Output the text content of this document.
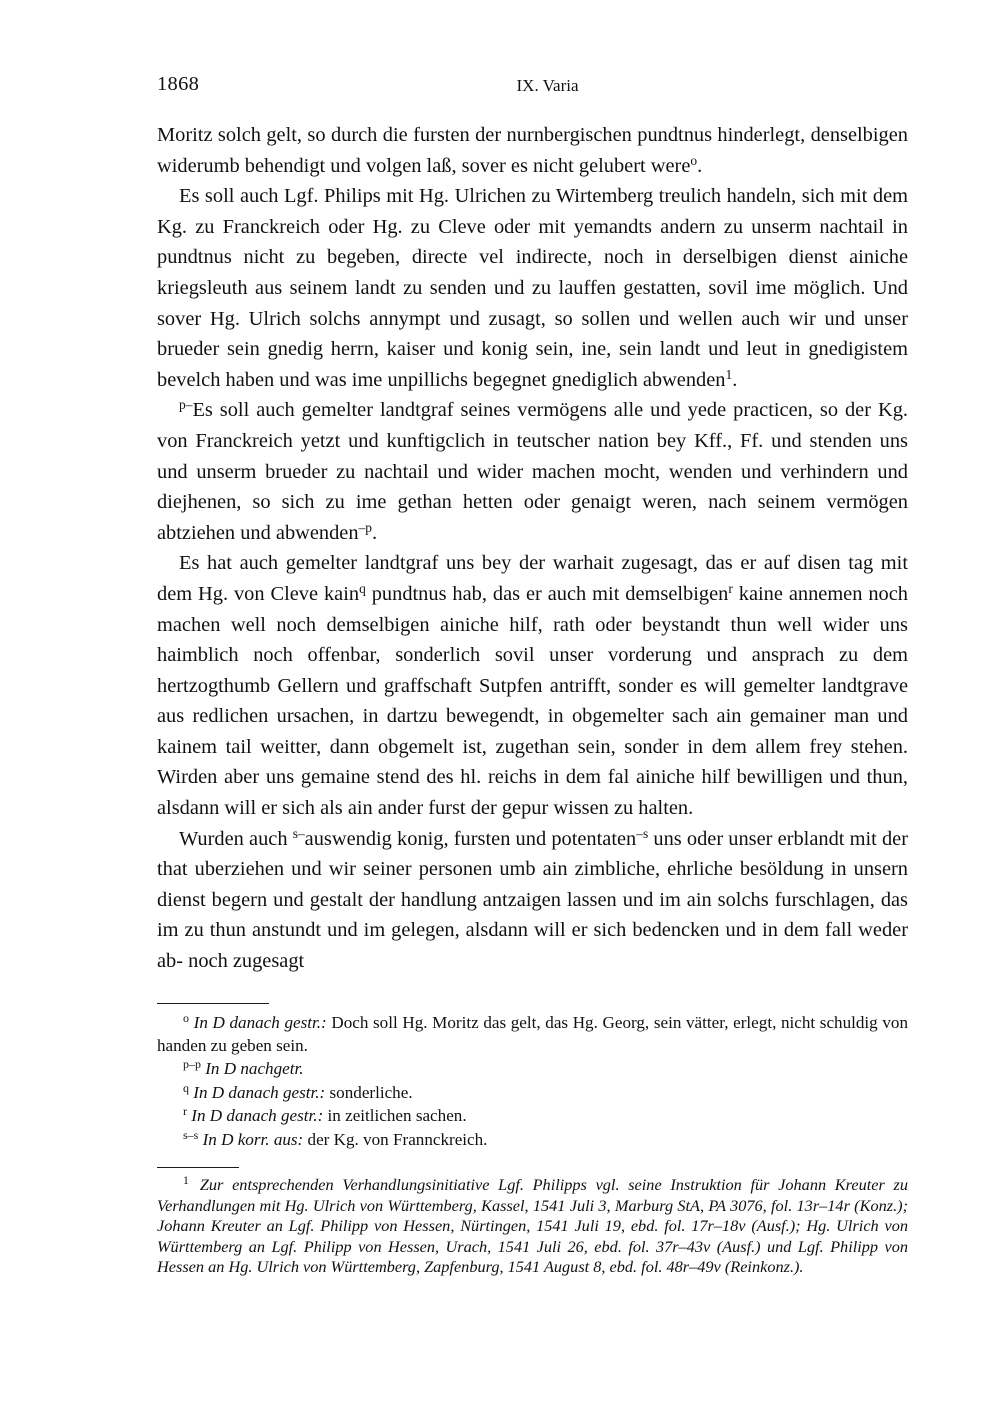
1868	IX. Varia

Moritz solch gelt, so durch die fursten der nurnbergischen pundtnus hinderlegt, denselbigen widerumb behendigt und volgen laß, sover es nicht gelubert were$^o$.

Es soll auch Lgf. Philips mit Hg. Ulrichen zu Wirtemberg treulich handeln, sich mit dem Kg. zu Franckreich oder Hg. zu Cleve oder mit yemandts andern zu unserm nachtail in pundtnus nicht zu begeben, directe vel indirecte, noch in derselbigen dienst ainiche kriegsleuth aus seinem landt zu senden und zu lauffen gestatten, sovil ime möglich. Und sover Hg. Ulrich solchs annympt und zusagt, so sollen und wellen auch wir und unser brueder sein gnedig herrn, kaiser und konig sein, ine, sein landt und leut in gnedigistem bevelch haben und was ime unpillichs begegnet gnediglich abwenden$^1$.

$^{p-}$Es soll auch gemelter landtgraf seines vermögens alle und yede practicen, so der Kg. von Franckreich yetzt und kunftigclich in teutscher nation bey Kff., Ff. und stenden uns und unserm brueder zu nachtail und wider machen mocht, wenden und verhindern und diejhenen, so sich zu ime gethan hetten oder genaigt weren, nach seinem vermögen abtziehen und abwenden$^{-p}$.

Es hat auch gemelter landtgraf uns bey der warhait zugesagt, das er auf disen tag mit dem Hg. von Cleve kain$^q$ pundtnus hab, das er auch mit demselbigen$^r$ kaine annemen noch machen well noch demselbigen ainiche hilf, rath oder beystandt thun well wider uns haimblich noch offenbar, sonderlich sovil unser vorderung und ansprach zu dem hertzogthumb Gellern und graffschaft Sutpfen antrifft, sonder es will gemelter landtgrave aus redlichen ursachen, in dartzu bewegendt, in obgemelter sach ain gemainer man und kainem tail weitter, dann obgemelt ist, zugethan sein, sonder in dem allem frey stehen. Wirden aber uns gemaine stend des hl. reichs in dem fal ainiche hilf bewilligen und thun, alsdann will er sich als ain ander furst der gepur wissen zu halten.

Wurden auch $^{s-}$auswendig konig, fursten und potentaten$^{-s}$ uns oder unser erblandt mit der that uberziehen und wir seiner personen umb ain zimbliche, ehrliche besöldung in unsern dienst begern und gestalt der handlung antzaigen lassen und im ain solchs furschlagen, das im zu thun anstundt und im gelegen, alsdann will er sich bedencken und in dem fall weder ab- noch zugesagt

$^o$ In D danach gestr.: Doch soll Hg. Moritz das gelt, das Hg. Georg, sein vätter, erlegt, nicht schuldig von handen zu geben sein.

$^{p-p}$ In D nachgetr.

$^q$ In D danach gestr.: sonderliche.

$^r$ In D danach gestr.: in zeitlichen sachen.

$^{s-s}$ In D korr. aus: der Kg. von Frannckreich.

$^1$ Zur entsprechenden Verhandlungsinitiative Lgf. Philipps vgl. seine Instruktion für Johann Kreuter zu Verhandlungen mit Hg. Ulrich von Württemberg, Kassel, 1541 Juli 3, Marburg StA, PA 3076, fol. 13r–14r (Konz.); Johann Kreuter an Lgf. Philipp von Hessen, Nürtingen, 1541 Juli 19, ebd. fol. 17r–18v (Ausf.); Hg. Ulrich von Württemberg an Lgf. Philipp von Hessen, Urach, 1541 Juli 26, ebd. fol. 37r–43v (Ausf.) und Lgf. Philipp von Hessen an Hg. Ulrich von Württemberg, Zapfenburg, 1541 August 8, ebd. fol. 48r–49v (Reinkonz.).
